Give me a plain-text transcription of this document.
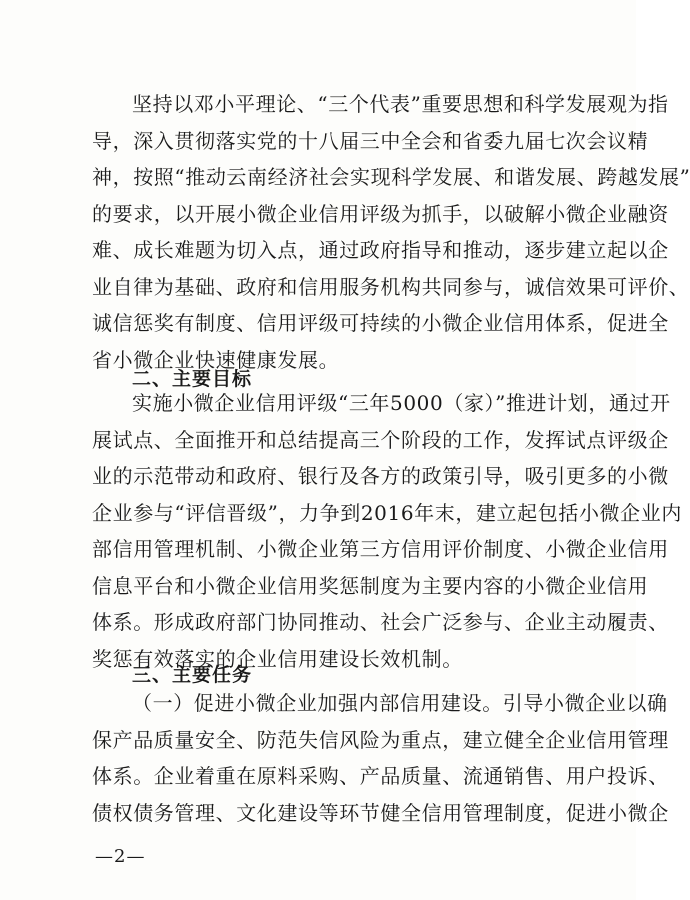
坚持以邓小平理论、“三个代表”重要思想和科学发展观为指
导，深入贯彻落实党的十八届三中全会和省委九届七次会议精
神，按照“推动云南经济社会实现科学发展、和谐发展、跨越发展”
的要求，以开展小微企业信用评级为抓手，以破解小微企业融资
难、成长难题为切入点，通过政府指导和推动，逐步建立起以企
业自律为基础、政府和信用服务机构共同参与，诚信效果可评价、
诚信惩奖有制度、信用评级可持续的小微企业信用体系，促进全
省小微企业快速健康发展。
二、主要目标
实施小微企业信用评级“三年5000（家）”推进计划，通过开
展试点、全面推开和总结提高三个阶段的工作，发挥试点评级企
业的示范带动和政府、银行及各方的政策引导，吸引更多的小微
企业参与“评信晋级”，力争到2016年末，建立起包括小微企业内
部信用管理机制、小微企业第三方信用评价制度、小微企业信用
信息平台和小微企业信用奖惩制度为主要内容的小微企业信用
体系。形成政府部门协同推动、社会广泛参与、企业主动履责、
奖惩有效落实的企业信用建设长效机制。
三、主要任务
（一）促进小微企业加强内部信用建设。引导小微企业以确
保产品质量安全、防范失信风险为重点，建立健全企业信用管理
体系。企业着重在原料采购、产品质量、流通销售、用户投诉、
债权债务管理、文化建设等环节健全信用管理制度，促进小微企
—2—
